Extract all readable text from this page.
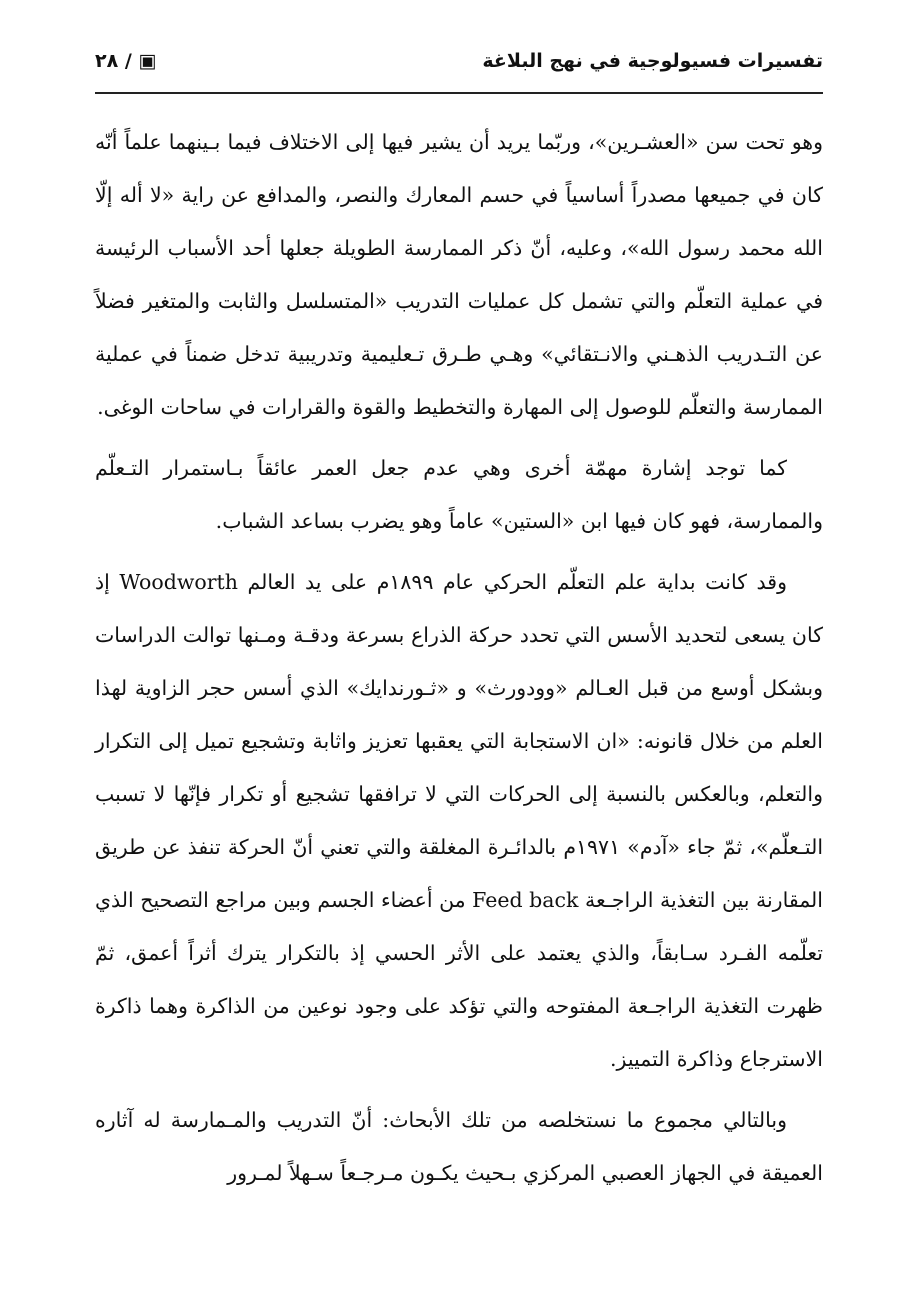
تفسيرات فسيولوجية في نهج البلاغة
▣ / ٢٨

وهو تحت سن «العشـرين»، وربّما يريد أن يشير فيها إلى الاختلاف فيما بـينهما علماً أنّه كان في جميعها مصدراً أساسياً في حسم المعارك والنصر، والمدافع عن راية «لا أله إلّا الله محمد رسول الله»، وعليه، أنّ ذكر الممارسة الطويلة جعلها أحد الأسباب الرئيسة في عملية التعلّم والتي تشمل كل عمليات التدريب «المتسلسل والثابت والمتغير فضلاً عن التـدريب الذهـني والانـتقائي» وهـي طـرق تـعليمية وتدريبية تدخل ضمناً في عملية الممارسة والتعلّم للوصول إلى المهارة والتخطيط والقوة والقرارات في ساحات الوغى.

كما توجد إشارة مهمّة أخرى وهي عدم جعل العمر عائقاً بـاستمرار التـعلّم والممارسة، فهو كان فيها ابن «الستين» عاماً وهو يضرب بساعد الشباب.

وقد كانت بداية علم التعلّم الحركي عام ١٨٩٩م على يد العالم Woodworth إذ كان يسعى لتحديد الأسس التي تحدد حركة الذراع بسرعة ودقـة ومـنها توالت الدراسات وبشكل أوسع من قبل العـالم «وودورث» و «ثـورندايك» الذي أسس حجر الزاوية لهذا العلم من خلال قانونه: «ان الاستجابة التي يعقبها تعزيز واثابة وتشجيع تميل إلى التكرار والتعلم، وبالعكس بالنسبة إلى الحركات التي لا ترافقها تشجيع أو تكرار فإنّها لا تسبب التـعلّم»، ثمّ جاء «آدم» ١٩٧١م بالدائـرة المغلقة والتي تعني أنّ الحركة تنفذ عن طريق المقارنة بين التغذية الراجـعة Feed back من أعضاء الجسم وبين مراجع التصحيح الذي تعلّمه الفـرد سـابقاً، والذي يعتمد على الأثر الحسي إذ بالتكرار يترك أثراً أعمق، ثمّ ظهرت التغذية الراجـعة المفتوحه والتي تؤكد على وجود نوعين من الذاكرة وهما ذاكرة الاسترجاع وذاكرة التمييز.

وبالتالي مجموع ما نستخلصه من تلك الأبحاث: أنّ التدريب والمـمارسة له آثاره العميقة في الجهاز العصبي المركزي بـحيث يكـون مـرجـعاً سـهلاً لمـرور
